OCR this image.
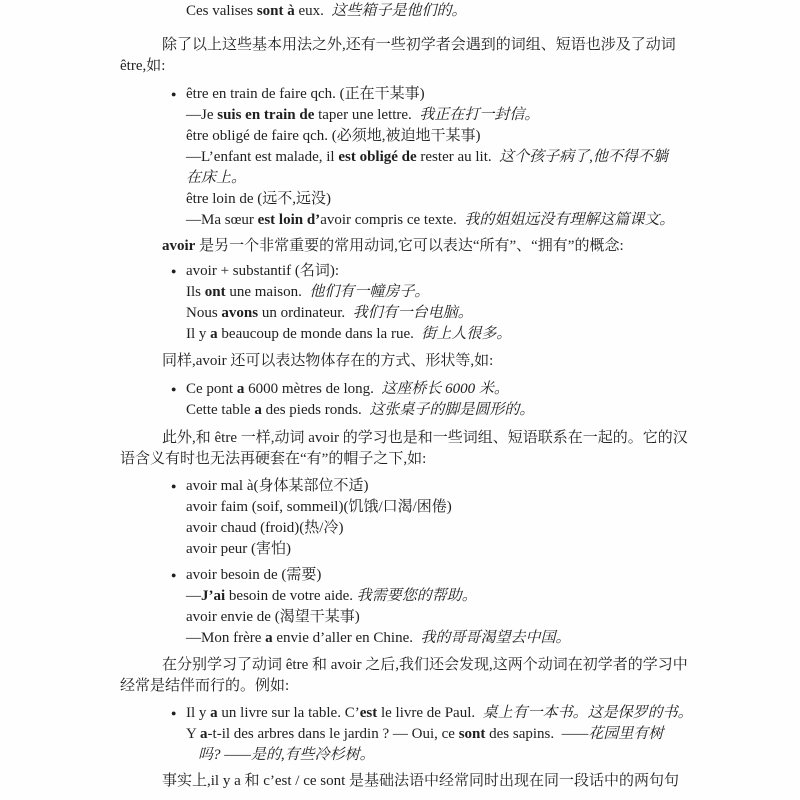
Ces valises sont à eux.  这些箱子是他们的。
除了以上这些基本用法之外,还有一些初学者会遇到的词组、短语也涉及了动词
être,如:
● être en train de faire qch. (正在干某事)
—Je suis en train de taper une lettre.  我正在打一封信。
être obligé de faire qch. (必须地,被迫地干某事)
—L’enfant est malade, il est obligé de rester au lit.  这个孩子病了,他不得不躺
在床上。
être loin de (远不,远没)
—Ma sœur est loin d’avoir compris ce texte.  我的姐姐远没有理解这篇课文。
avoir 是另一个非常重要的常用动词,它可以表达“所有”、“拥有”的概念:
● avoir + substantif (名词):
Ils ont une maison.  他们有一幢房子。
Nous avons un ordinateur.  我们有一台电脑。
Il y a beaucoup de monde dans la rue.  街上人很多。
同样,avoir 还可以表达物体存在的方式、形状等,如:
● Ce pont a 6000 mètres de long.  这座桥长 6000 米。
Cette table a des pieds ronds.  这张桌子的脚是圆形的。
此外,和 être 一样,动词 avoir 的学习也是和一些词组、短语联系在一起的。它的汉
语含义有时也无法再硬套在“有”的帽子之下,如:
● avoir mal à(身体某部位不适)
avoir faim (soif, sommeil)(饥饿/口渴/困倦)
avoir chaud (froid)(热/冷)
avoir peur (害怕)
● avoir besoin de (需要)
—J’ai besoin de votre aide. 我需要您的帮助。
avoir envie de (渴望干某事)
—Mon frère a envie d’aller en Chine.  我的哥哥渴望去中国。
在分别学习了动词 être 和 avoir 之后,我们还会发现,这两个动词在初学者的学习中
经常是结伴而行的。例如:
● Il y a un livre sur la table. C’est le livre de Paul.  桌上有一本书。这是保罗的书。
Y a-t-il des arbres dans le jardin ? — Oui, ce sont des sapins.  ——花园里有树
吗? ——是的,有些冷杉树。
事实上,il y a 和 c’est / ce sont 是基础法语中经常同时出现在同一段话中的两句句
